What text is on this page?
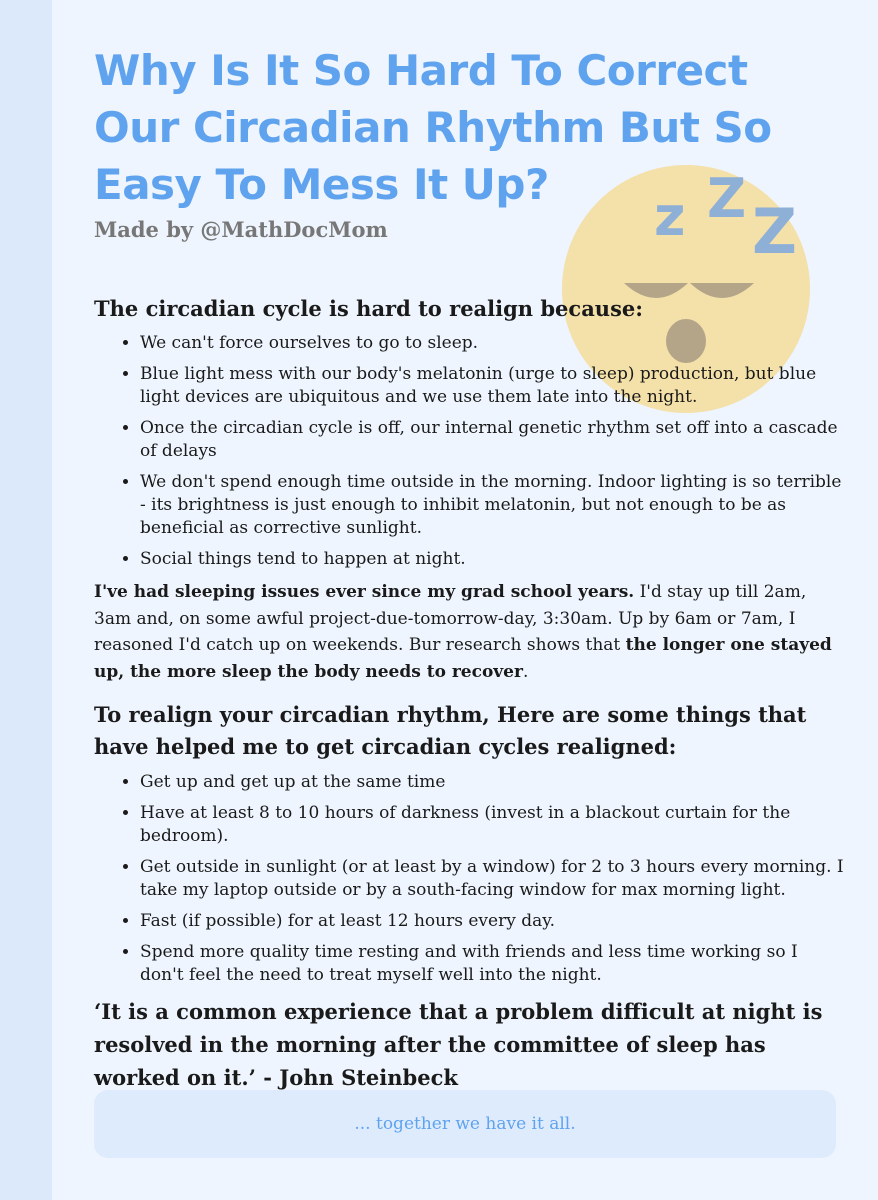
z Z Z
Why Is It So Hard To Correct Our Circadian Rhythm But So Easy To Mess It Up?
Made by @MathDocMom
The circadian cycle is hard to realign because:
• We can't force ourselves to go to sleep.
• Blue light mess with our body's melatonin (urge to sleep) production, but blue light devices are ubiquitous and we use them late into the night.
• Once the circadian cycle is off, our internal genetic rhythm set off into a cascade of delays
• We don't spend enough time outside in the morning. Indoor lighting is so terrible - its brightness is just enough to inhibit melatonin, but not enough to be as beneficial as corrective sunlight.
• Social things tend to happen at night.

I've had sleeping issues ever since my grad school years. I'd stay up till 2am, 3am and, on some awful project-due-tomorrow-day, 3:30am. Up by 6am or 7am, I reasoned I'd catch up on weekends. Bur research shows that the longer one stayed up, the more sleep the body needs to recover.

To realign your circadian rhythm, Here are some things that have helped me to get circadian cycles realigned:
• Get up and get up at the same time
• Have at least 8 to 10 hours of darkness (invest in a blackout curtain for the bedroom).
• Get outside in sunlight (or at least by a window) for 2 to 3 hours every morning. I take my laptop outside or by a south-facing window for max morning light.
• Fast (if possible) for at least 12 hours every day.
• Spend more quality time resting and with friends and less time working so I don't feel the need to treat myself well into the night.
‘It is a common experience that a problem difficult at night is resolved in the morning after the committee of sleep has worked on it.’ - John Steinbeck
... together we have it all.
